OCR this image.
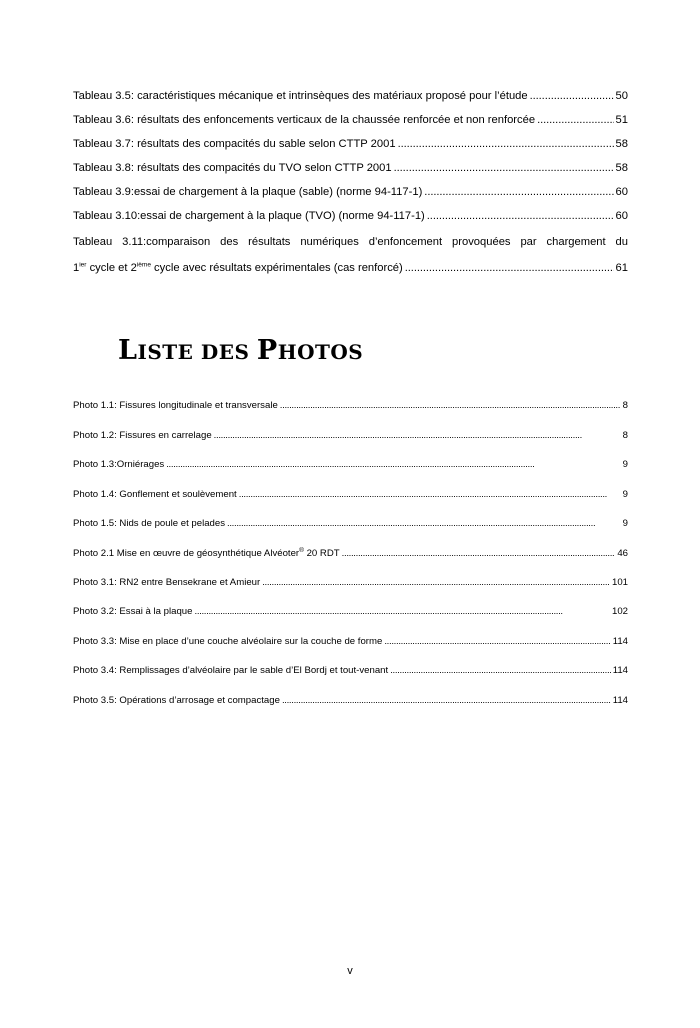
Tableau 3.5: caractéristiques mécanique et intrinsèques des matériaux proposé pour l’étude . . .	50
Tableau 3.6: résultats des enfoncements verticaux de la chaussée renforcée et non renforcée . . .	51
Tableau 3.7: résultats des compacités du sable selon CTTP 2001 . . .	58
Tableau 3.8: résultats des compacités du TVO selon CTTP 2001 . . .	58
Tableau 3.9:essai de chargement à la plaque (sable) (norme 94-117-1) . . .	60
Tableau 3.10:essai de chargement à la plaque (TVO) (norme 94-117-1) . . .	60
Tableau 3.11:comparaison des résultats numériques d’enfoncement provoquées par chargement du
$1^{ier}$ cycle et 2ième cycle avec résultats expérimentales (cas renforcé) . . .	61
LISTE DES PHOTOS
Photo 1.1: Fissures longitudinale et transversale . . .	8
Photo 1.2: Fissures en carrelage . . .	8
Photo 1.3:Orniérages . . .	9
Photo 1.4: Gonflement et soulèvement . . .	9
Photo 1.5: Nids de poule et pelades . . .	9
Photo 2.1 Mise en œuvre de géosynthétique Alvéoter® 20 RDT . . .	46
Photo 3.1: RN2 entre Bensekrane et Amieur . . .	101
Photo 3.2: Essai à la plaque . . .	102
Photo 3.3: Mise en place d’une couche alvéolaire sur la couche de forme . . .	114
Photo 3.4: Remplissages d’alvéolaire par le sable d’El Bordj et tout-venant . . .	114
Photo 3.5: Opérations d’arrosage et compactage . . .	114
v
